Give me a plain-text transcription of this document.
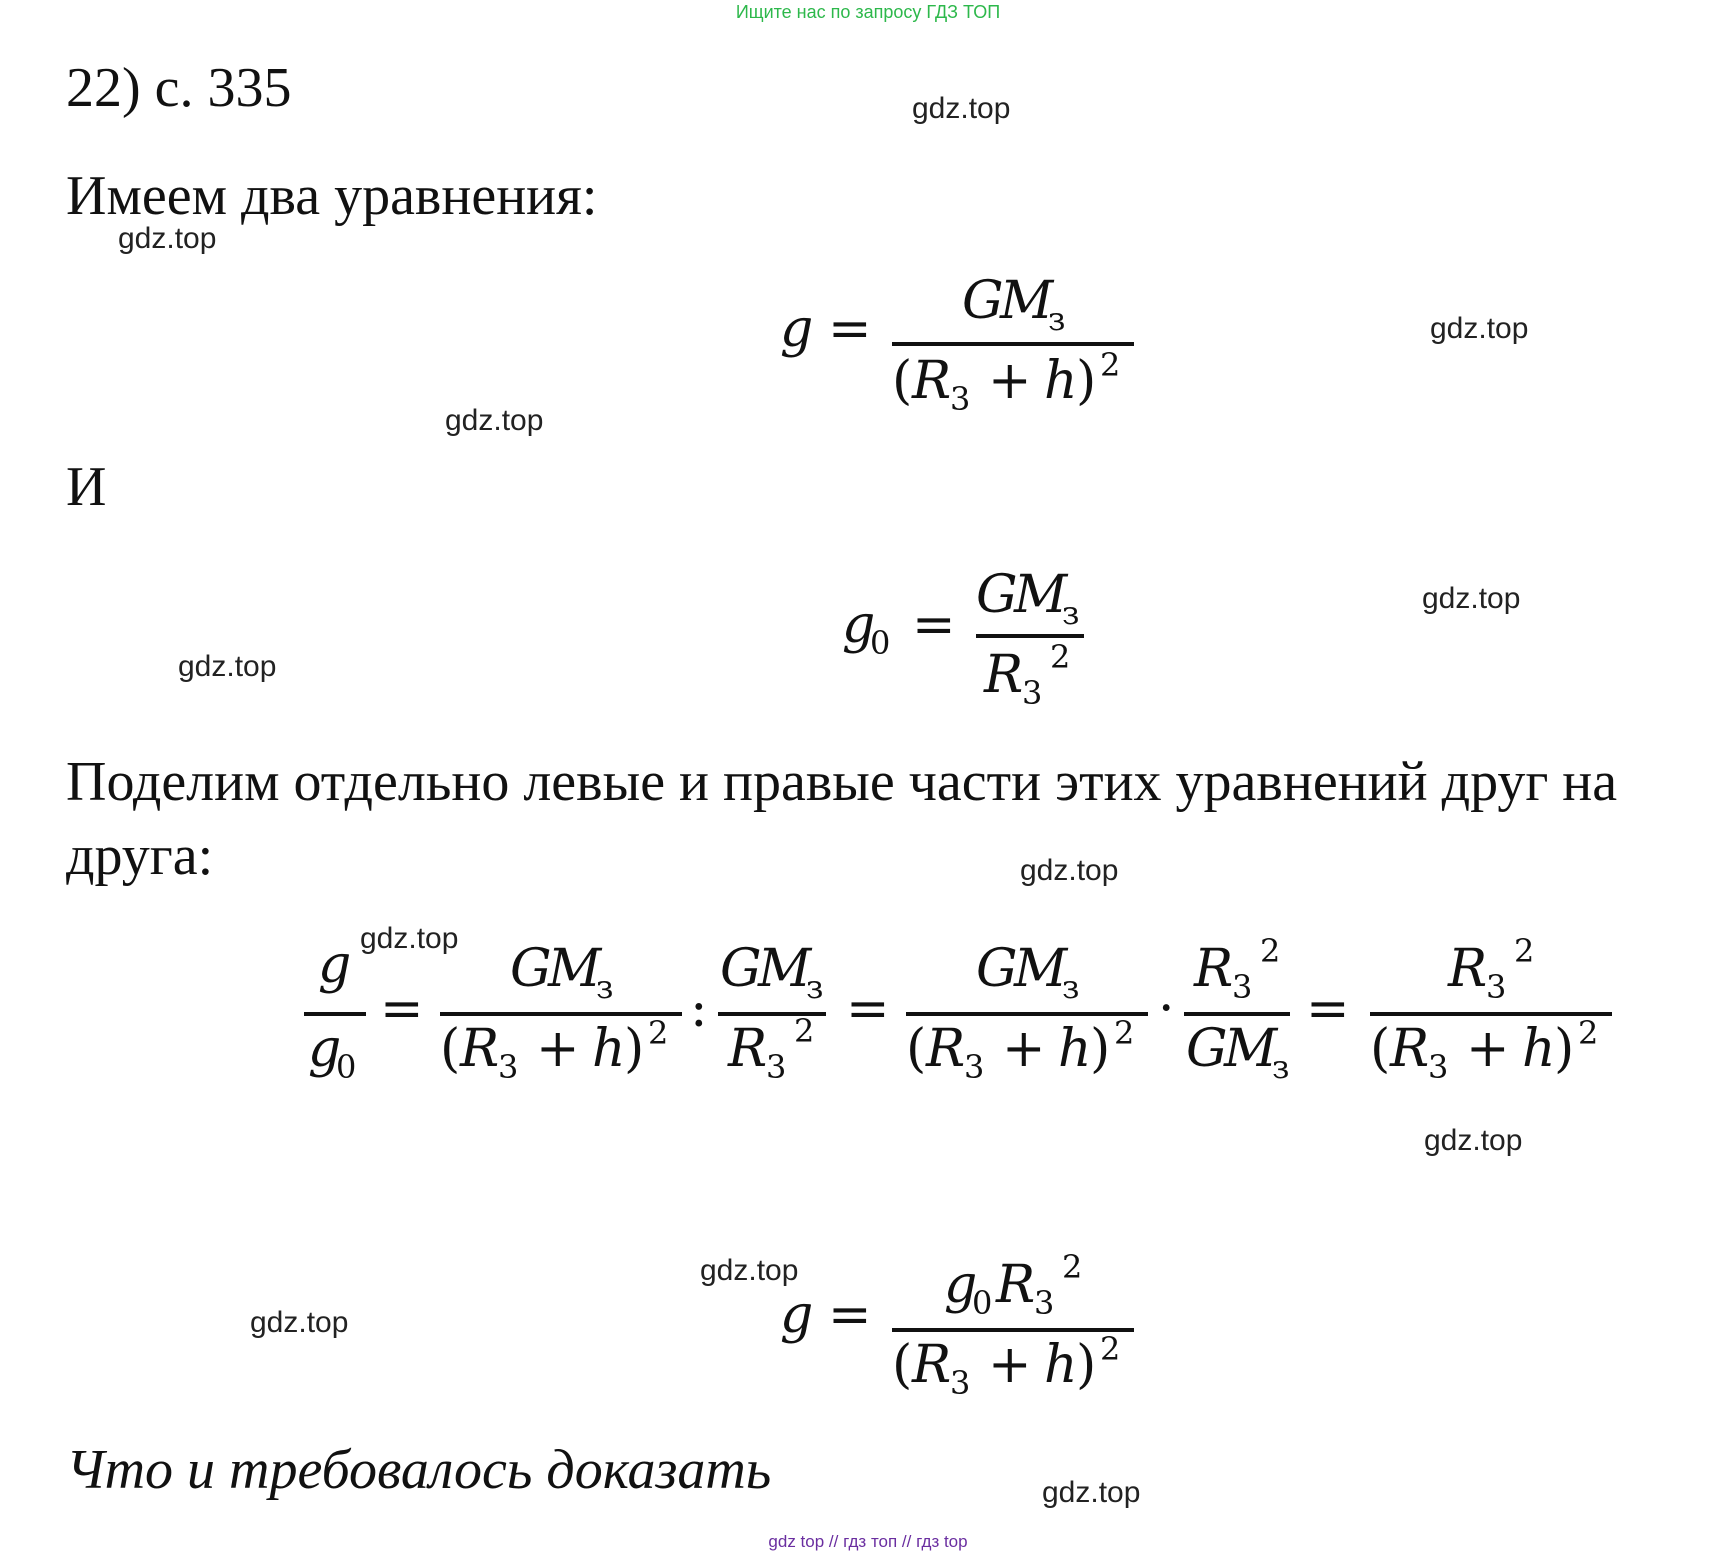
Ищите нас по запросу ГДЗ ТОП
22) с. 335	gdz.top
Имеем два уравнения:
gdz.top
g = G
M
з
( R
3 + h
) 2
gdz.top
gdz.top
И
g
0 = G
M
з
R
3
2
gdz.top
gdz.top
Поделим отдельно левые и правые части этих уравнений друг на
друга:	gdz.top
gdz.top
g
g
0
=
G
M
з
( R
3 + h
) 2 :
G
M
з
R
3
2 =
G
M
з
( R
3 + h
) 2 ·
R
3
2
G
M
з
=
R
3
2
( R
3 + h
) 2
gdz.top
gdz.top
gdz.top	g = g
0 R
3
2
( R
3 + h
) 2
Что и требовалось доказать	gdz.top
gdz top // гдз топ // гдз top
